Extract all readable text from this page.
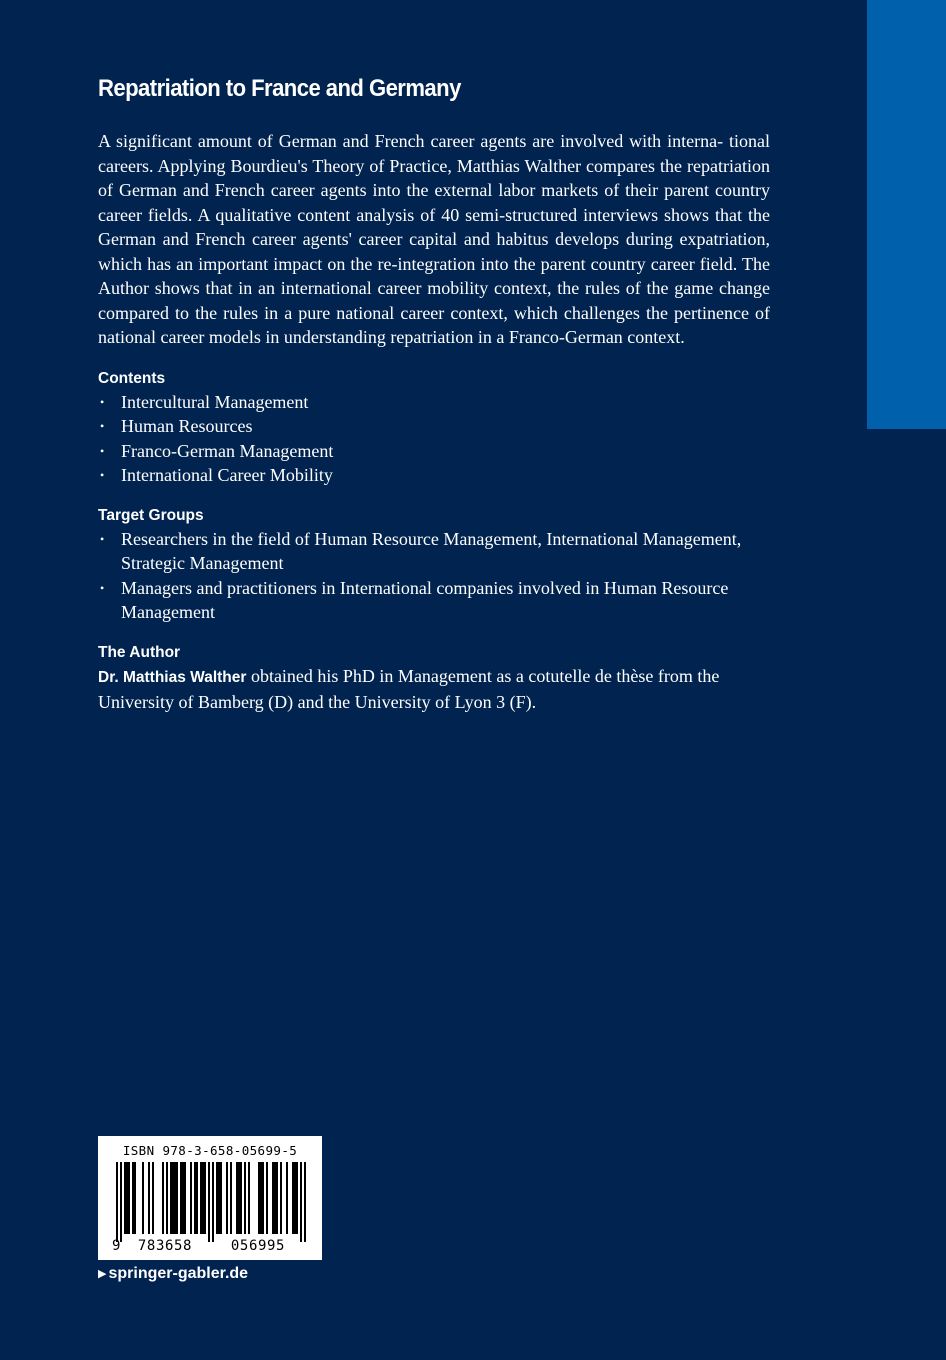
Repatriation to France and Germany

A significant amount of German and French career agents are involved with interna- tional careers. Applying Bourdieu's Theory of Practice, Matthias Walther compares the repatriation of German and French career agents into the external labor markets of their parent country career fields. A qualitative content analysis of 40 semi-structured interviews shows that the German and French career agents' career capital and habitus develops during expatriation, which has an important impact on the re-integration into the parent country career field. The Author shows that in an international career mobility context, the rules of the game change compared to the rules in a pure national career context, which challenges the pertinence of national career models in understanding repatriation in a Franco-German context.

Contents
• Intercultural Management
• Human Resources
• Franco-German Management
• International Career Mobility
Target Groups
• Researchers in the field of Human Resource Management, International Management, Strategic Management
• Managers and practitioners in International companies involved in Human Resource Management
The Author

Dr. Matthias Walther obtained his PhD in Management as a cotutelle de thèse from the University of Bamberg (D) and the University of Lyon 3 (F).

ISBN 978-3-658-05699-5
9 783658	056995
▶ springer-gabler.de
